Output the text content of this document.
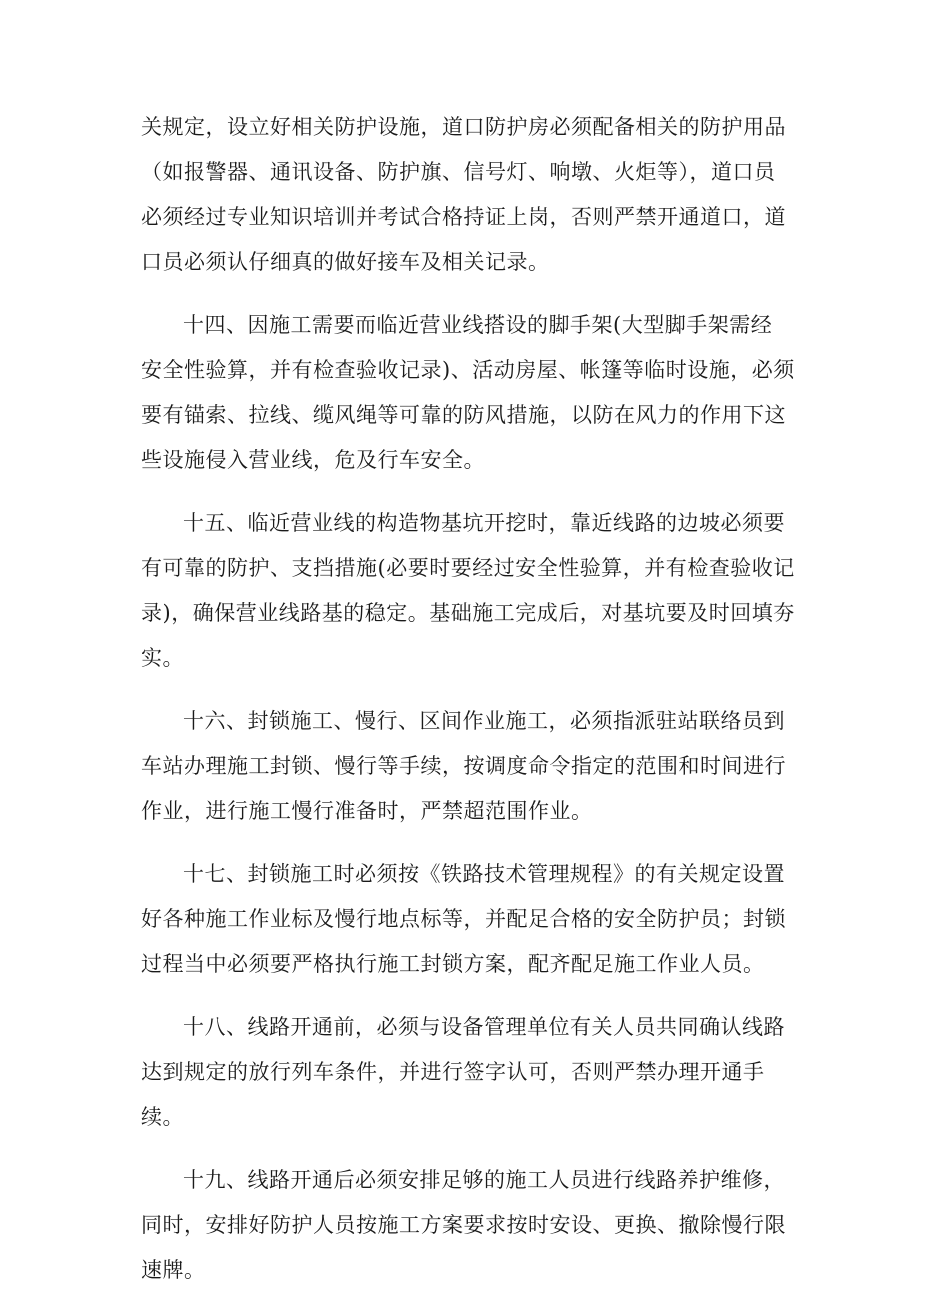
关规定，设立好相关防护设施，道口防护房必须配备相关的防护用品
（如报警器、通讯设备、防护旗、信号灯、响墩、火炬等），道口员
必须经过专业知识培训并考试合格持证上岗，否则严禁开通道口，道
口员必须认仔细真的做好接车及相关记录。

十四、因施工需要而临近营业线搭设的脚手架(大型脚手架需经
安全性验算，并有检查验收记录)、活动房屋、帐篷等临时设施，必须
要有锚索、拉线、缆风绳等可靠的防风措施，以防在风力的作用下这
些设施侵入营业线，危及行车安全。

十五、临近营业线的构造物基坑开挖时，靠近线路的边坡必须要
有可靠的防护、支挡措施(必要时要经过安全性验算，并有检查验收记
录)，确保营业线路基的稳定。基础施工完成后，对基坑要及时回填夯
实。

十六、封锁施工、慢行、区间作业施工，必须指派驻站联络员到
车站办理施工封锁、慢行等手续，按调度命令指定的范围和时间进行
作业，进行施工慢行准备时，严禁超范围作业。

十七、封锁施工时必须按《铁路技术管理规程》的有关规定设置
好各种施工作业标及慢行地点标等，并配足合格的安全防护员；封锁
过程当中必须要严格执行施工封锁方案，配齐配足施工作业人员。

十八、线路开通前，必须与设备管理单位有关人员共同确认线路
达到规定的放行列车条件，并进行签字认可，否则严禁办理开通手
续。

十九、线路开通后必须安排足够的施工人员进行线路养护维修，
同时，安排好防护人员按施工方案要求按时安设、更换、撤除慢行限
速牌。
